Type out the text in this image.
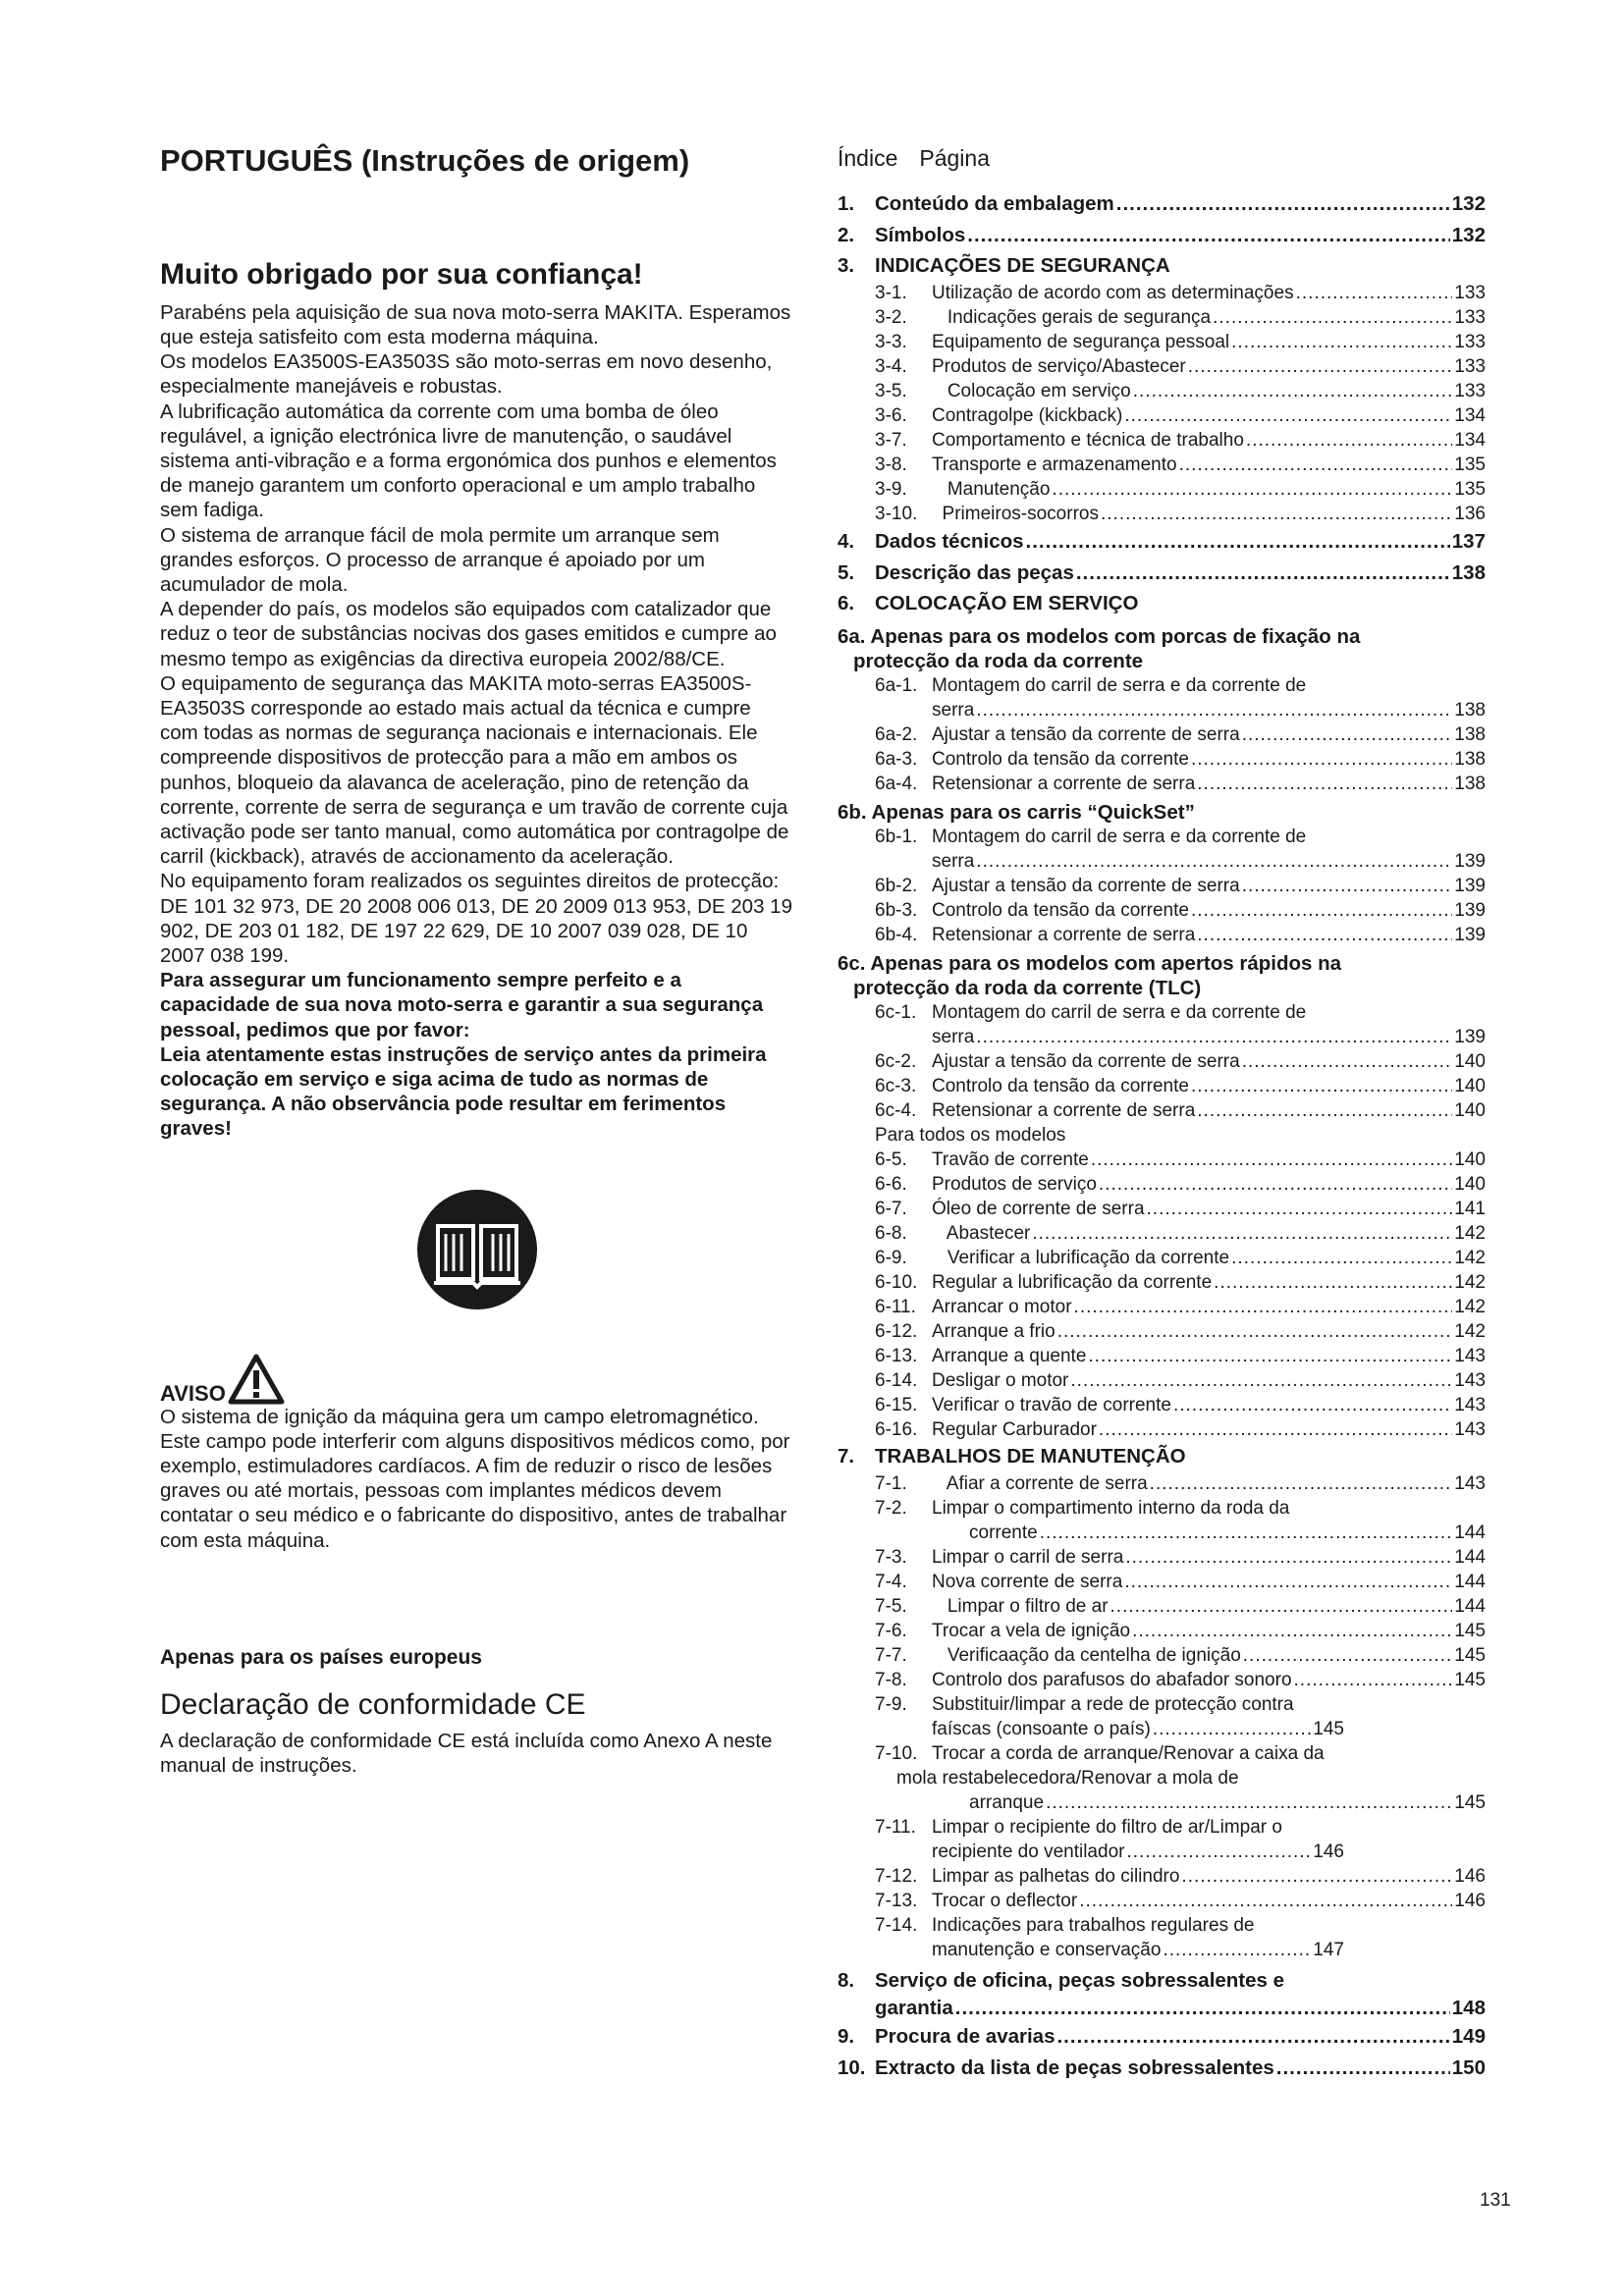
PORTUGUÊS (Instruções de origem)
Muito obrigado por sua confiança!

Parabéns pela aquisição de sua nova moto-serra MAKITA. Esperamos que esteja satisfeito com esta moderna máquina.

Os modelos EA3500S-EA3503S são moto-serras em novo desenho, especialmente manejáveis e robustas.

A lubrificação automática da corrente com uma bomba de óleo regulável, a ignição electrónica livre de manutenção, o saudável sistema anti-vibração e a forma ergonómica dos punhos e elementos de manejo garantem um conforto operacional e um amplo trabalho sem fadiga.

O sistema de arranque fácil de mola permite um arranque sem grandes esforços. O processo de arranque é apoiado por um acumulador de mola.

A depender do país, os modelos são equipados com catalizador que reduz o teor de substâncias nocivas dos gases emitidos e cumpre ao mesmo tempo as exigências da directiva europeia 2002/88/CE.

O equipamento de segurança das MAKITA moto-serras EA3500S-EA3503S corresponde ao estado mais actual da técnica e cumpre com todas as normas de segurança nacionais e internacionais. Ele compreende dispositivos de protecção para a mão em ambos os punhos, bloqueio da alavanca de aceleração, pino de retenção da corrente, corrente de serra de segurança e um travão de corrente cuja activação pode ser tanto manual, como automática por contragolpe de carril (kickback), através de accionamento da aceleração.

No equipamento foram realizados os seguintes direitos de protecção:

DE 101 32 973, DE 20 2008 006 013, DE 20 2009 013 953, DE 203 19 902, DE 203 01 182, DE 197 22 629, DE 10 2007 039 028, DE 10 2007 038 199.

Para assegurar um funcionamento sempre perfeito e a capacidade de sua nova moto-serra e garantir a sua segurança pessoal, pedimos que por favor:

Leia atentamente estas instruções de serviço antes da primeira colocação em serviço e siga acima de tudo as normas de segurança. A não observância pode resultar em ferimentos graves!

AVISO

O sistema de ignição da máquina gera um campo eletromagnético. Este campo pode interferir com alguns dispositivos médicos como, por exemplo, estimuladores cardíacos. A fim de reduzir o risco de lesões graves ou até mortais, pessoas com implantes médicos devem contatar o seu médico e o fabricante do dispositivo, antes de trabalhar com esta máquina.

Apenas para os países europeus

Declaração de conformidade CE

A declaração de conformidade CE está incluída como Anexo A neste manual de instruções.

Índice Página
1.	Conteúdo da embalagem .....	132
2.	Símbolos .....	132
3. INDICAÇÕES DE SEGURANÇA
3-1.	Utilização de acordo com as determinações .....	133
3-2.	Indicações gerais de segurança .....	133
3-3.	Equipamento de segurança pessoal .....	133
3-4.	Produtos de serviço/Abastecer .....	133
3-5.	Colocação em serviço .....	133
3-6.	Contragolpe (kickback) .....	134
3-7.	Comportamento e técnica de trabalho .....	134
3-8.	Transporte e armazenamento .....	135
3-9.	Manutenção .....	135
3-10. Primeiros-socorros .....	136
4.	Dados técnicos .....	137
5.	Descrição das peças .....	138
6. COLOCAÇÃO EM SERVIÇO
6a. Apenas para os modelos com porcas de fixação na
protecção da roda da corrente
6a-1. Montagem do carril de serra e da corrente de
serra .....	138
6a-2. Ajustar a tensão da corrente de serra .....	138
6a-3. Controlo da tensão da corrente .....	138
6a-4. Retensionar a corrente de serra .....	138
6b. Apenas para os carris “QuickSet”
6b-1. Montagem do carril de serra e da corrente de
serra .....	139
6b-2. Ajustar a tensão da corrente de serra .....	139
6b-3. Controlo da tensão da corrente .....	139
6b-4. Retensionar a corrente de serra .....	139
6c. Apenas para os modelos com apertos rápidos na
protecção da roda da corrente (TLC)
6c-1. Montagem do carril de serra e da corrente de
serra .....	139
6c-2. Ajustar a tensão da corrente de serra .....	140
6c-3. Controlo da tensão da corrente .....	140
6c-4. Retensionar a corrente de serra .....	140
Para todos os modelos
6-5.	Travão de corrente .....	140
6-6.	Produtos de serviço .....	140
6-7.	Óleo de corrente de serra .....	141
6-8.	Abastecer .....	142
6-9.	Verificar a lubrificação da corrente .....	142
6-10. Regular a lubrificação da corrente .....	142
6-11. Arrancar o motor .....	142
6-12. Arranque a frio .....	142
6-13. Arranque a quente .....	143
6-14. Desligar o motor .....	143
6-15. Verificar o travão de corrente .....	143
6-16. Regular Carburador .....	143
7. TRABALHOS DE MANUTENÇÃO
7-1.	Afiar a corrente de serra .....	143
7-2. Limpar o compartimento interno da roda da
corrente .....	144
7-3.	Limpar o carril de serra .....	144
7-4.	Nova corrente de serra .....	144
7-5.	Limpar o filtro de ar .....	144
7-6.	Trocar a vela de ignição .....	145
7-7.	Verificaação da centelha de ignição .....	145
7-8.	Controlo dos parafusos do abafador sonoro .....	145
7-9. Substituir/limpar a rede de protecção contra
faíscas (consoante o país) .....	145
7-10. Trocar a corda de arranque/Renovar a caixa da
mola restabelecedora/Renovar a mola de
arranque .....	145
7-11. Limpar o recipiente do filtro de ar/Limpar o
recipiente do ventilador .....	146
7-12. Limpar as palhetas do cilindro .....	146
7-13. Trocar o deflector .....	146
7-14. Indicações para trabalhos regulares de
manutenção e conservação .....	147
8. Serviço de oficina, peças sobressalentes e
garantia .....	148
9.	Procura de avarias .....	149
10. Extracto da lista de peças sobressalentes .....	150
131
